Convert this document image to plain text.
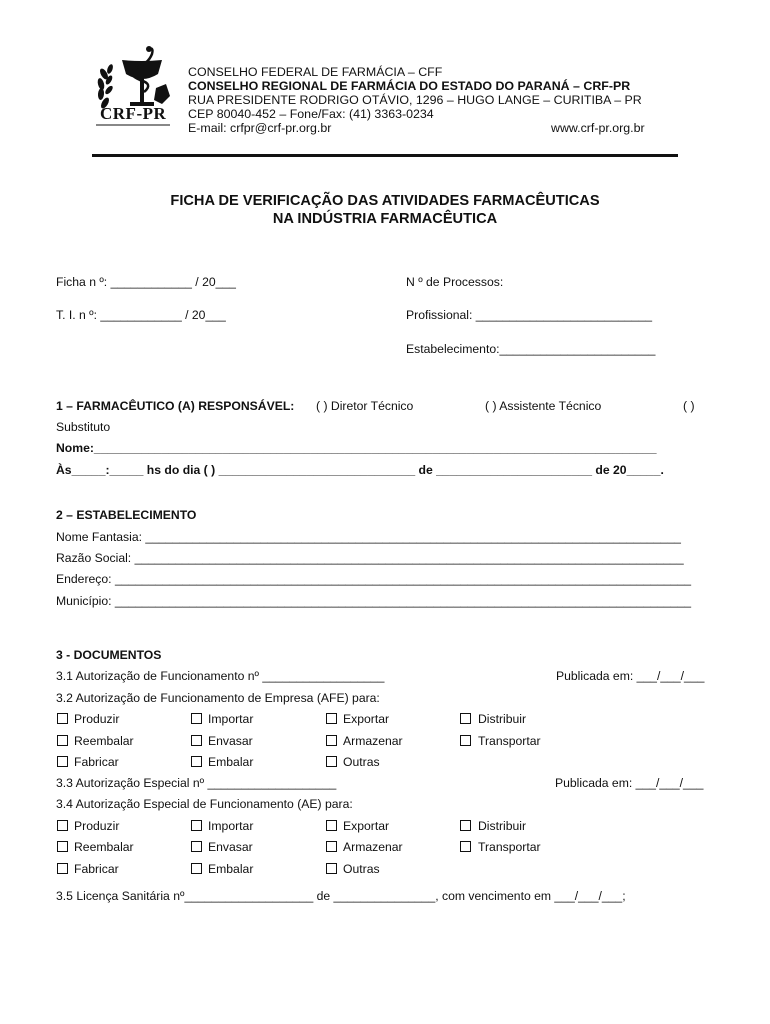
CRF-PR
CONSELHO FEDERAL DE FARMÁCIA – CFF
CONSELHO REGIONAL DE FARMÁCIA DO ESTADO DO PARANÁ – CRF-PR
RUA PRESIDENTE RODRIGO OTÁVIO, 1296 – HUGO LANGE – CURITIBA – PR
CEP 80040-452 – Fone/Fax: (41) 3363-0234
E-mail: crfpr@crf-pr.org.br	www.crf-pr.org.br
FICHA DE VERIFICAÇÃO DAS ATIVIDADES FARMACÊUTICAS
NA INDÚSTRIA FARMACÊUTICA
Ficha n º: ____________ / 20___	N º de Processos:
T. I. n º: ____________ / 20___	Profissional: __________________________
Estabelecimento:_______________________
1 – FARMACÊUTICO (A) RESPONSÁVEL: ( ) Diretor Técnico	( ) Assistente Técnico	( )
Substituto
Nome:___________________________________________________________________________________
Às_____:_____ hs do dia ( ) _____________________________ de _______________________ de 20_____.
2 – ESTABELECIMENTO
Nome Fantasia: _______________________________________________________________________________
Razão Social: _________________________________________________________________________________
Endereço: _____________________________________________________________________________________
Município: _____________________________________________________________________________________
3 - DOCUMENTOS
3.1 Autorização de Funcionamento nº __________________	Publicada em: ___/___/___
3.2 Autorização de Funcionamento de Empresa (AFE) para:
Produzir	Importar	Exportar	Distribuir
Reembalar	Envasar	Armazenar	Transportar
Fabricar	Embalar	Outras
3.3 Autorização Especial nº ___________________	Publicada em: ___/___/___
3.4 Autorização Especial de Funcionamento (AE) para:
Produzir	Importar	Exportar	Distribuir
Reembalar	Envasar	Armazenar	Transportar
Fabricar	Embalar	Outras
3.5 Licença Sanitária nº___________________ de _______________, com vencimento em ___/___/___;
